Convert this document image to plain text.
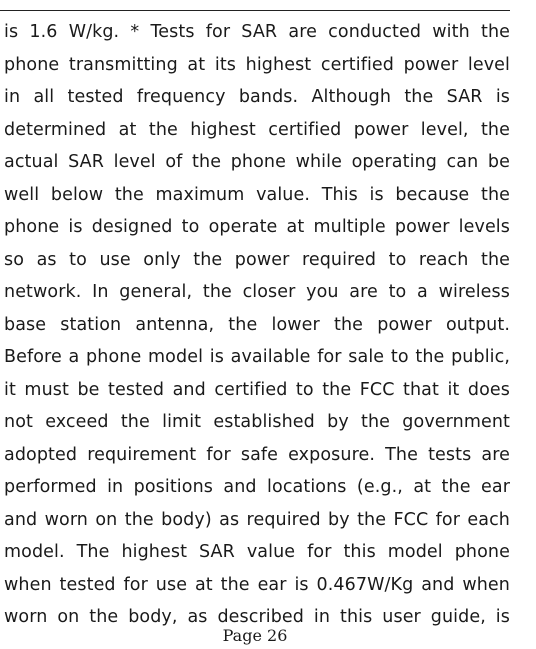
is 1.6 W/kg. * Tests for SAR are conducted with the
phone transmitting at its highest certified power level
in all tested frequency bands. Although the SAR is
determined at the highest certified power level, the
actual SAR level of the phone while operating can be
well below the maximum value. This is because the
phone is designed to operate at multiple power levels
so as to use only the power required to reach the
network. In general, the closer you are to a wireless
base station antenna, the lower the power output.
Before a phone model is available for sale to the public,
it must be tested and certified to the FCC that it does
not exceed the limit established by the government
adopted requirement for safe exposure. The tests are
performed in positions and locations (e.g., at the ear
and worn on the body) as required by the FCC for each
model. The highest SAR value for this model phone
when tested for use at the ear is 0.467W/Kg and when
worn on the body, as described in this user guide, is
Page 26
